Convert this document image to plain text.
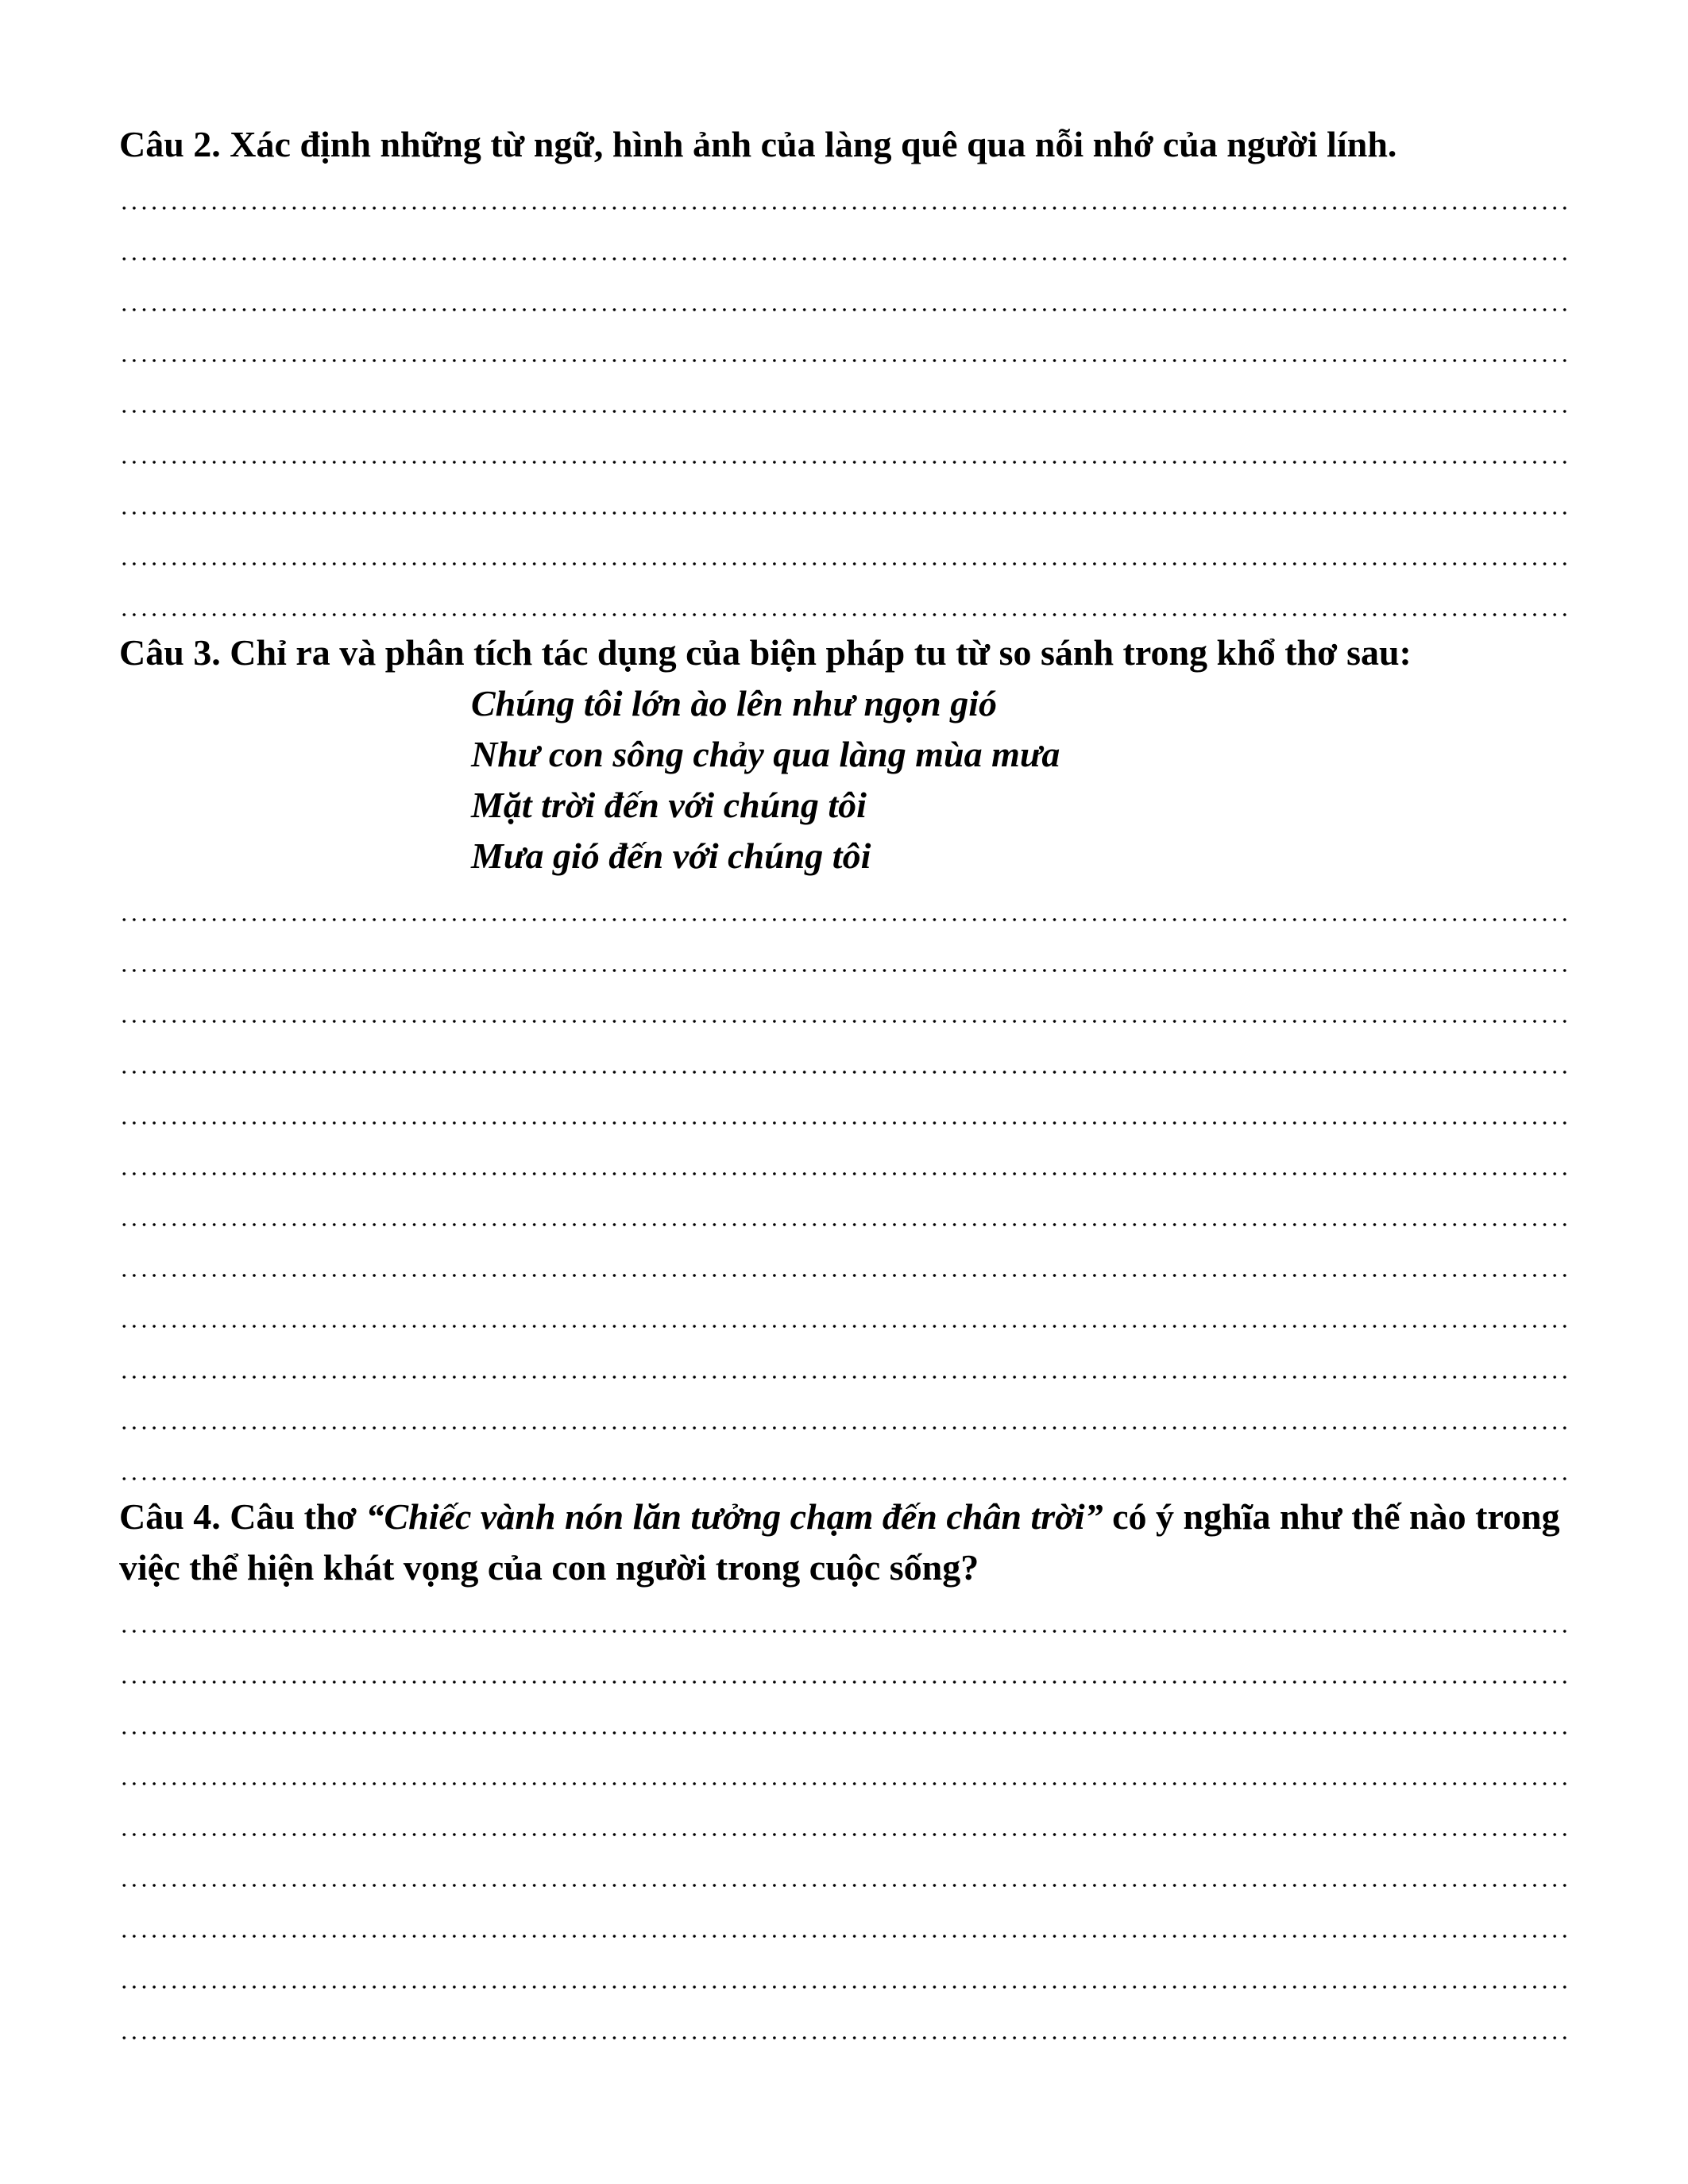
Câu 2. Xác định những từ ngữ, hình ảnh của làng quê qua nỗi nhớ của người lính.

Câu 3. Chỉ ra và phân tích tác dụng của biện pháp tu từ so sánh trong khổ thơ sau:

Chúng tôi lớn ào lên như ngọn gió
Như con sông chảy qua làng mùa mưa
Mặt trời đến với chúng tôi
Mưa gió đến với chúng tôi

Câu 4. Câu thơ “Chiếc vành nón lăn tưởng chạm đến chân trời” có ý nghĩa như thế nào trong việc thể hiện khát vọng của con người trong cuộc sống?
